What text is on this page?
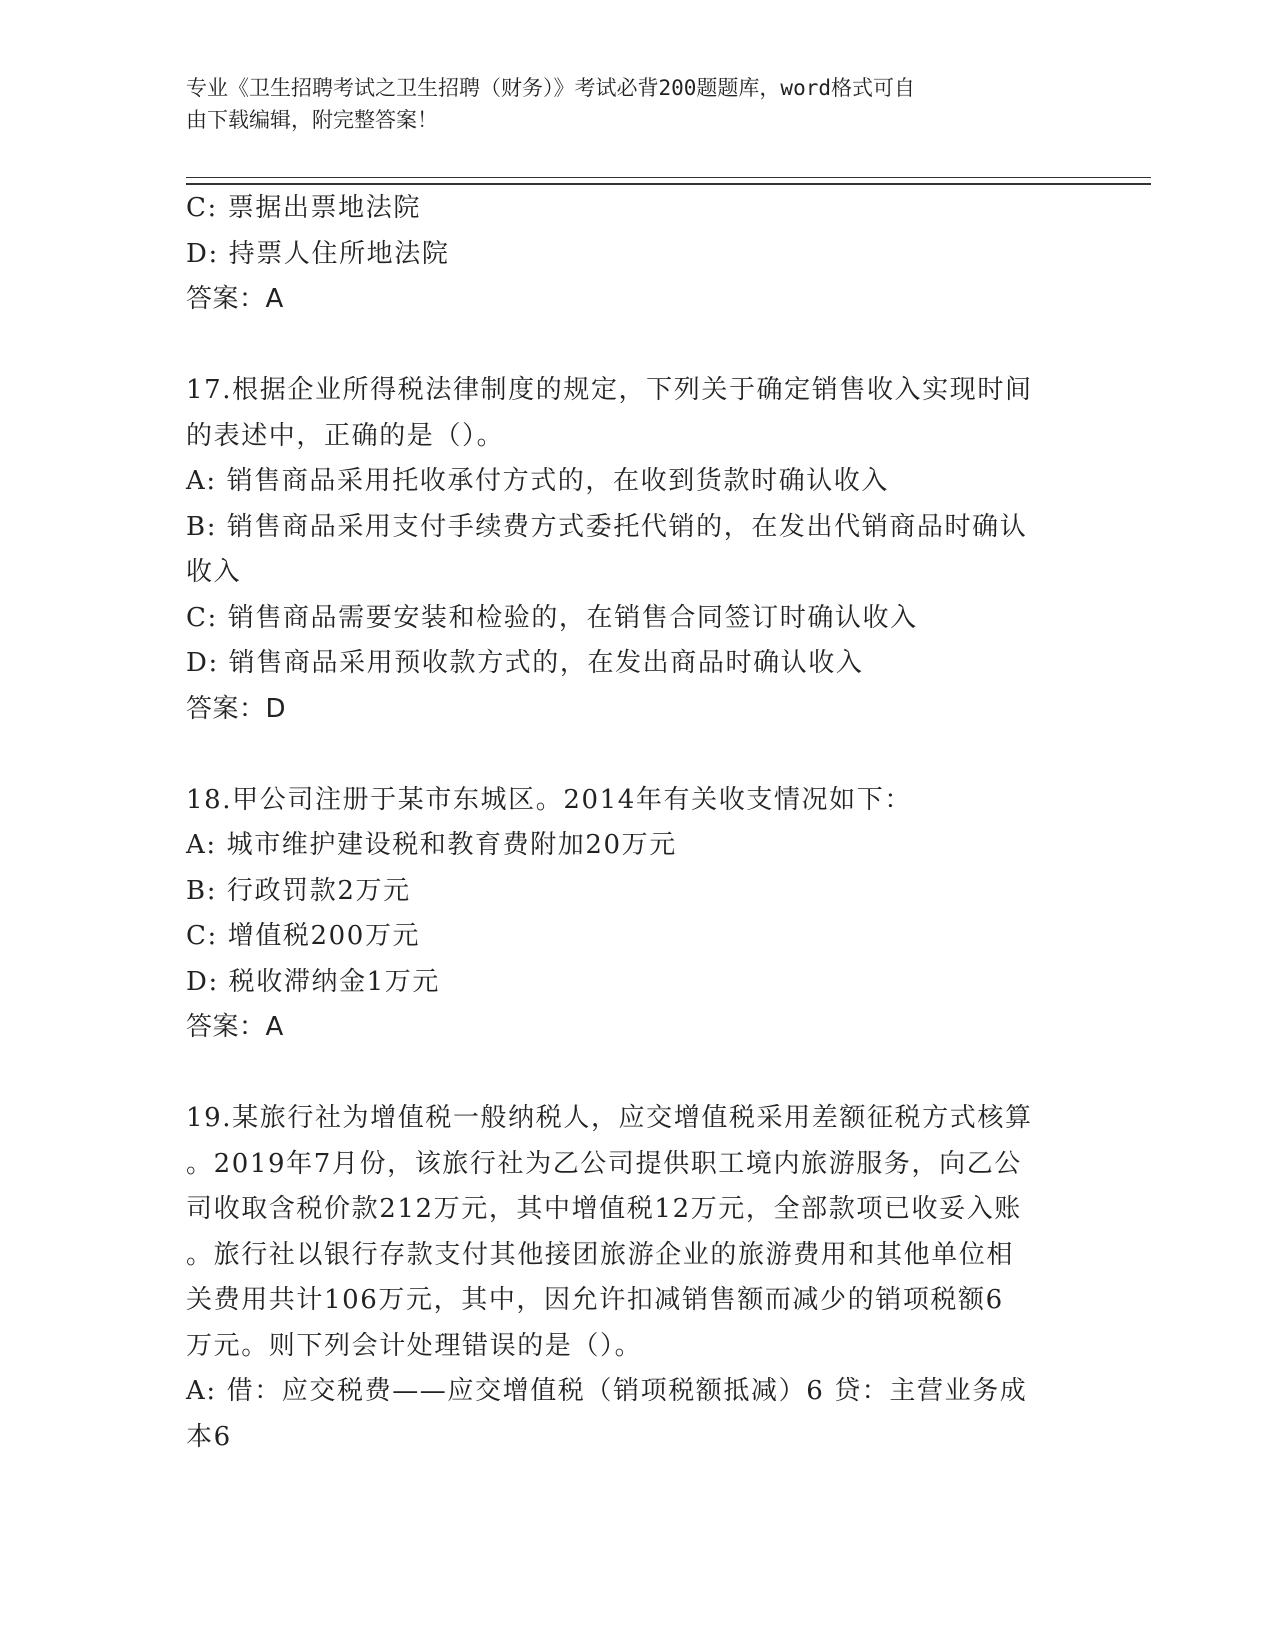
专业《卫生招聘考试之卫生招聘（财务）》考试必背200题题库，word格式可自
由下载编辑，附完整答案！
C: 票据出票地法院
D: 持票人住所地法院
答案：A
17.根据企业所得税法律制度的规定，下列关于确定销售收入实现时间
的表述中，正确的是（）。
A: 销售商品采用托收承付方式的，在收到货款时确认收入
B: 销售商品采用支付手续费方式委托代销的，在发出代销商品时确认
收入
C: 销售商品需要安装和检验的，在销售合同签订时确认收入
D: 销售商品采用预收款方式的，在发出商品时确认收入
答案：D
18.甲公司注册于某市东城区。2014年有关收支情况如下：
A: 城市维护建设税和教育费附加20万元
B: 行政罚款2万元
C: 增值税200万元
D: 税收滞纳金1万元
答案：A
19.某旅行社为增值税一般纳税人，应交增值税采用差额征税方式核算
。2019年7月份，该旅行社为乙公司提供职工境内旅游服务，向乙公
司收取含税价款212万元，其中增值税12万元，全部款项已收妥入账
。旅行社以银行存款支付其他接团旅游企业的旅游费用和其他单位相
关费用共计106万元，其中，因允许扣减销售额而减少的销项税额6
万元。则下列会计处理错误的是（）。
A: 借：应交税费——应交增值税（销项税额抵减）6 贷：主营业务成
本6
